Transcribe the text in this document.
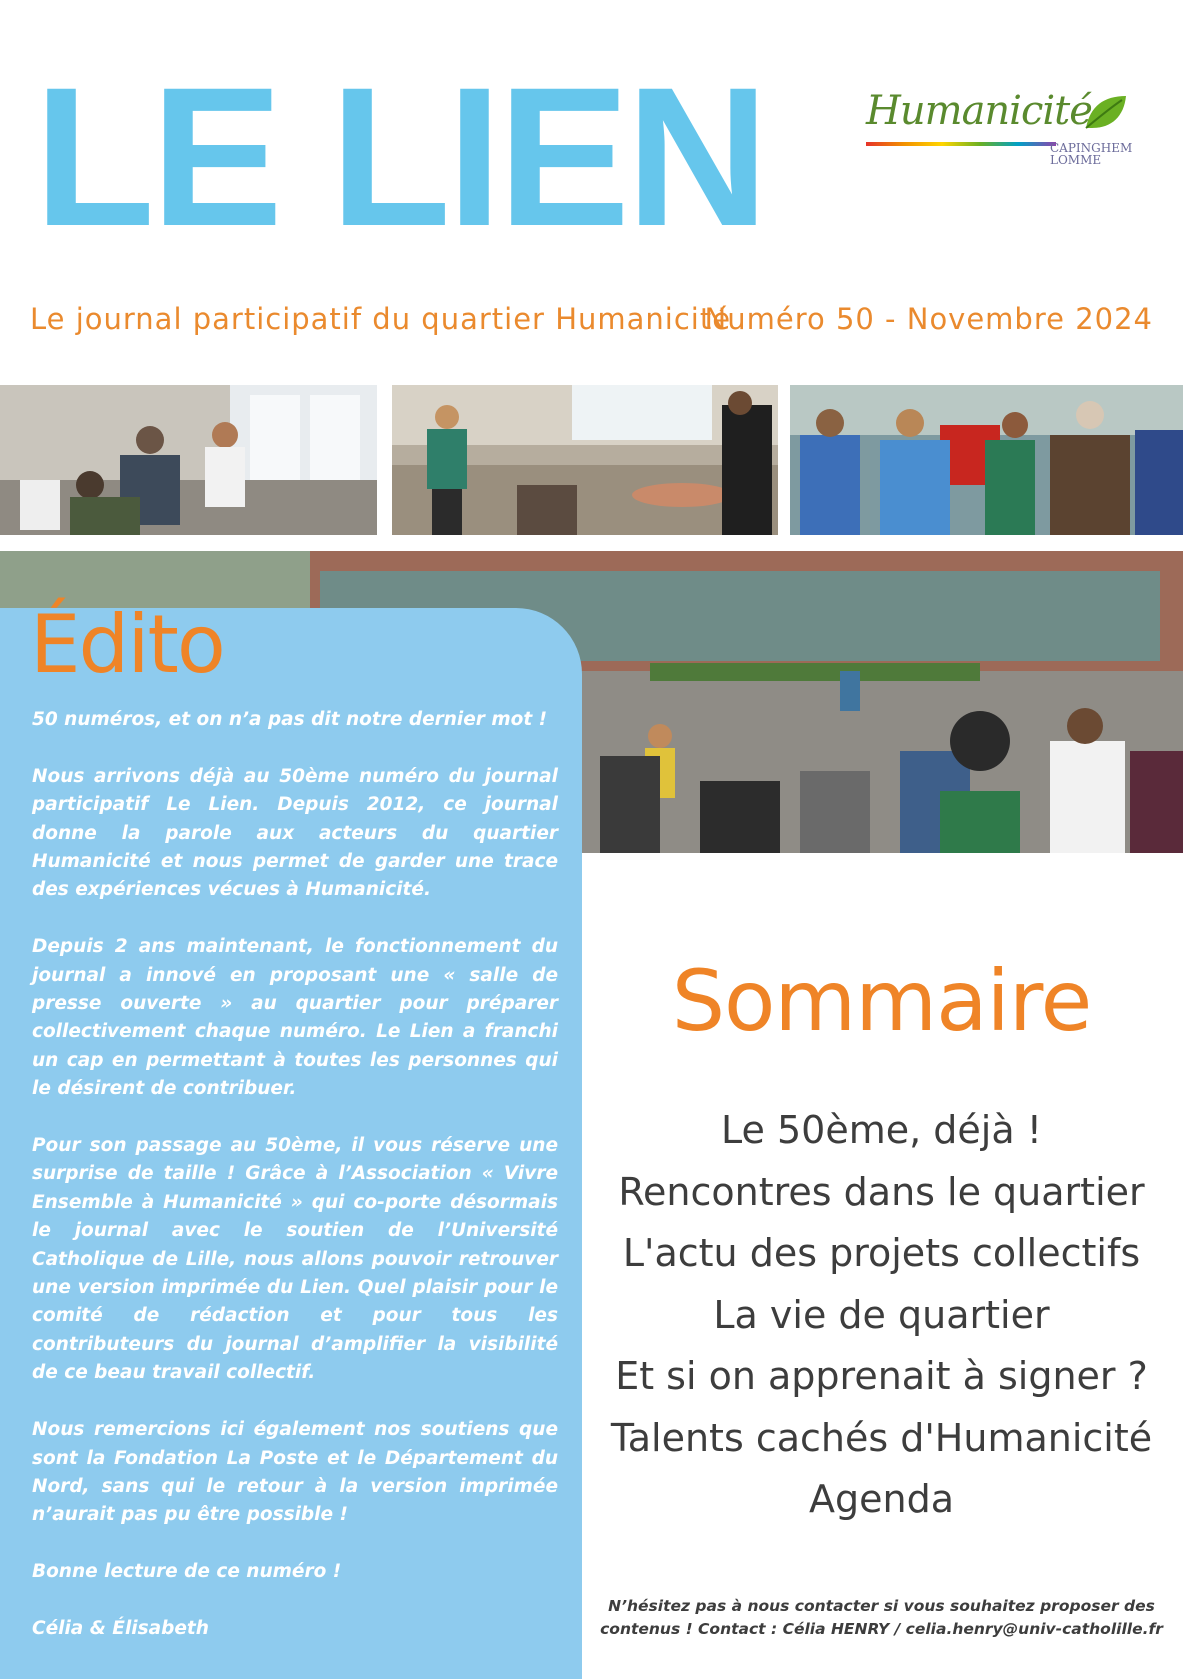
LE LIEN	Humanicité
CAPINGHEM
LOMME
Le journal participatif du quartier Humanicité
Numéro 50 - Novembre 2024
Édito

50 numéros, et on n’a pas dit notre dernier mot !

Nous arrivons déjà au 50ème numéro du journal participatif Le Lien. Depuis 2012, ce journal donne la parole aux acteurs du quartier Humanicité et nous permet de garder une trace des expériences vécues à Humanicité.

Depuis 2 ans maintenant, le fonctionnement du journal a innové en proposant une « salle de presse ouverte » au quartier pour préparer collectivement chaque numéro. Le Lien a franchi un cap en permettant à toutes les personnes qui le désirent de contribuer.

Pour son passage au 50ème, il vous réserve une surprise de taille ! Grâce à l’Association « Vivre Ensemble à Humanicité » qui co-porte désormais le journal avec le soutien de l’Université Catholique de Lille, nous allons pouvoir retrouver une version imprimée du Lien. Quel plaisir pour le comité de rédaction et pour tous les contributeurs du journal d’amplifier la visibilité de ce beau travail collectif.

Nous remercions ici également nos soutiens que sont la Fondation La Poste et le Département du Nord, sans qui le retour à la version imprimée n’aurait pas pu être possible !

Bonne lecture de ce numéro !

Célia & Élisabeth

Sommaire
Le 50ème, déjà !
Rencontres dans le quartier
L'actu des projets collectifs
La vie de quartier
Et si on apprenait à signer ?
Talents cachés d'Humanicité
Agenda
N’hésitez pas à nous contacter si vous souhaitez proposer des
contenus ! Contact : Célia HENRY / celia.henry@univ-catholille.fr
